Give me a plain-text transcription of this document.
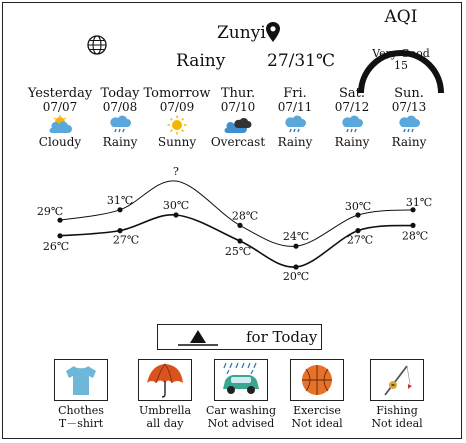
Zunyi
Rainy 27/31℃
AQI
Very Good
15
Yesterday
07/07
Cloudy
Today
07/08
Rainy
Tomorrow
07/09
Sunny
Thur.
07/10
Overcast
Fri.
07/11
Rainy
Sat.
07/12
Rainy
Sun.
07/13
Rainy
29℃
31℃
?
28℃
24℃
30℃	31℃
26℃	27℃
30℃
25℃
20℃
27℃	28℃
for Today
Chothes
T－shirt
Umbrella
all day
Car washing
Not advised
Exercise
Not ideal
Fishing
Not ideal
